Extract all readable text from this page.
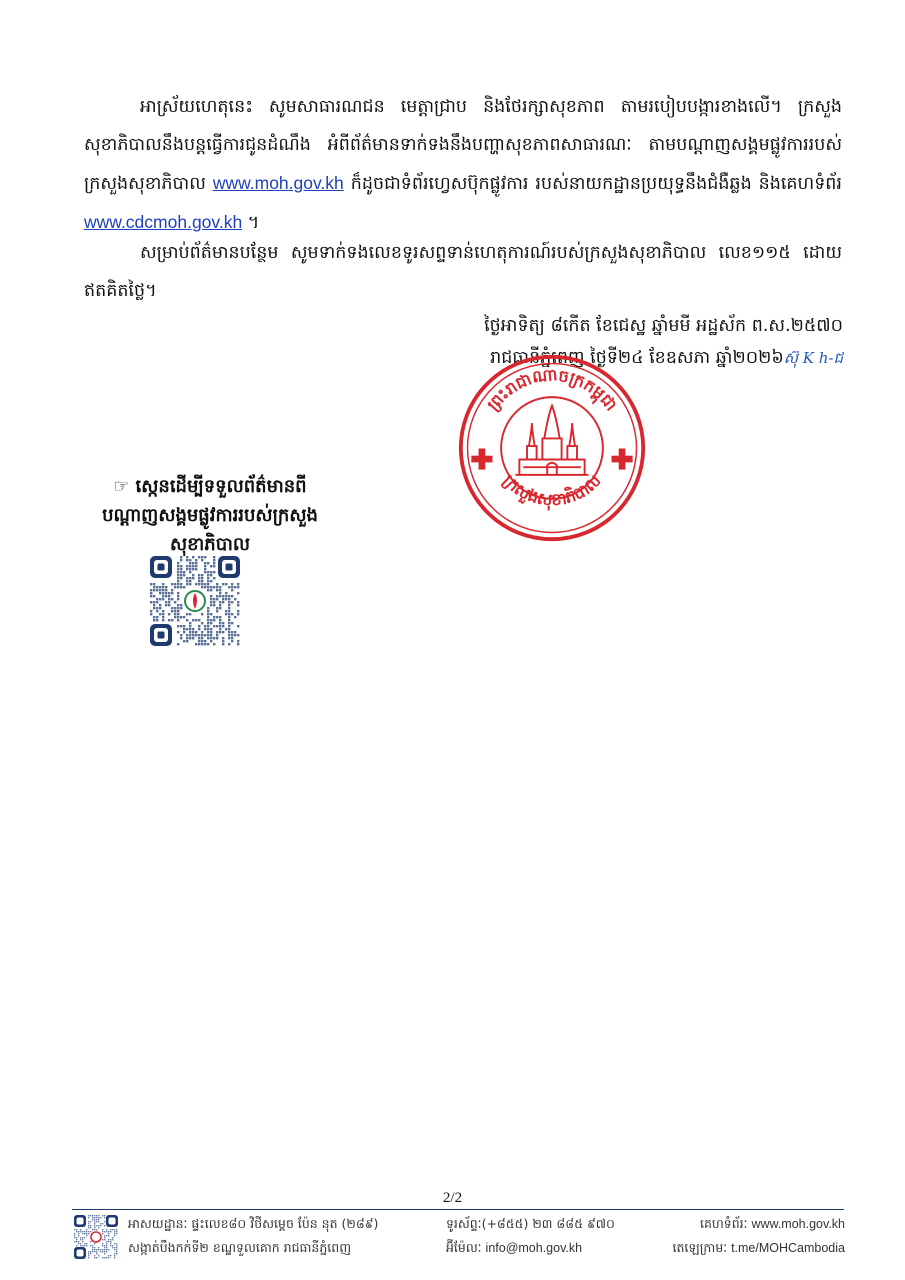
អាស្រ័យហេតុនេះ សូមសាធារណជន មេត្តាជ្រាប និងថែរក្សាសុខភាព តាមរបៀបបង្ការខាងលើ។ ក្រសួងសុខាភិបាលនឹងបន្តធ្វើការជូនដំណឹង អំពីព័ត៌មានទាក់ទងនឹងបញ្ហាសុខភាពសាធារណៈ តាមបណ្តាញសង្គមផ្លូវការរបស់ក្រសួងសុខាភិបាល www.moh.gov.kh ក៏ដូចជាទំព័រហ្វេសប៊ុកផ្លូវការ របស់នាយកដ្ឋានប្រយុទ្ធនឹងជំងឺឆ្លង និងគេហទំព័រ www.cdcmoh.gov.kh ។
សម្រាប់ព័ត៌មានបន្ថែម សូមទាក់ទងលេខទូរសព្ទទាន់ហេតុការណ៍របស់ក្រសួងសុខាភិបាល លេខ១១៥ ដោយឥតគិតថ្លៃ។
ថ្ងៃអាទិត្យ ៨កើត ខែជេស្ឋ ឆ្នាំមមី អដ្ឋស័ក ព.ស.២៥៧០
រាជធានីភ្នំពេញ ថ្ងៃទី២៤ ខែឧសភា ឆ្នាំ២០២៦ស៊ុ K h-ជ
ព្រះរាជាណាចក្រកម្ពុជា
ក្រសួងសុខាភិបាល
☞ ស្កេនដើម្បីទទួលព័ត៌មានពីបណ្ដាញសង្គមផ្លូវការរបស់ក្រសួងសុខាភិបាល
2/2
អាសយដ្ឋានៈ ផ្ទះលេខ៨០ វិថីសម្តេច ប៉ែន នុត (២៨៩)
សង្កាត់បឹងកក់ទី២ ខណ្ឌទួលគោក រាជធានីភ្នំពេញ
ទូរស័ព្ទៈ(+៨៥៥) ២៣ ៨៨៥ ៩៧០
អ៊ីម៉ែលៈ info@moh.gov.kh
គេហទំព័រៈ www.moh.gov.kh
តេឡេក្រាមៈ t.me/MOHCambodia
